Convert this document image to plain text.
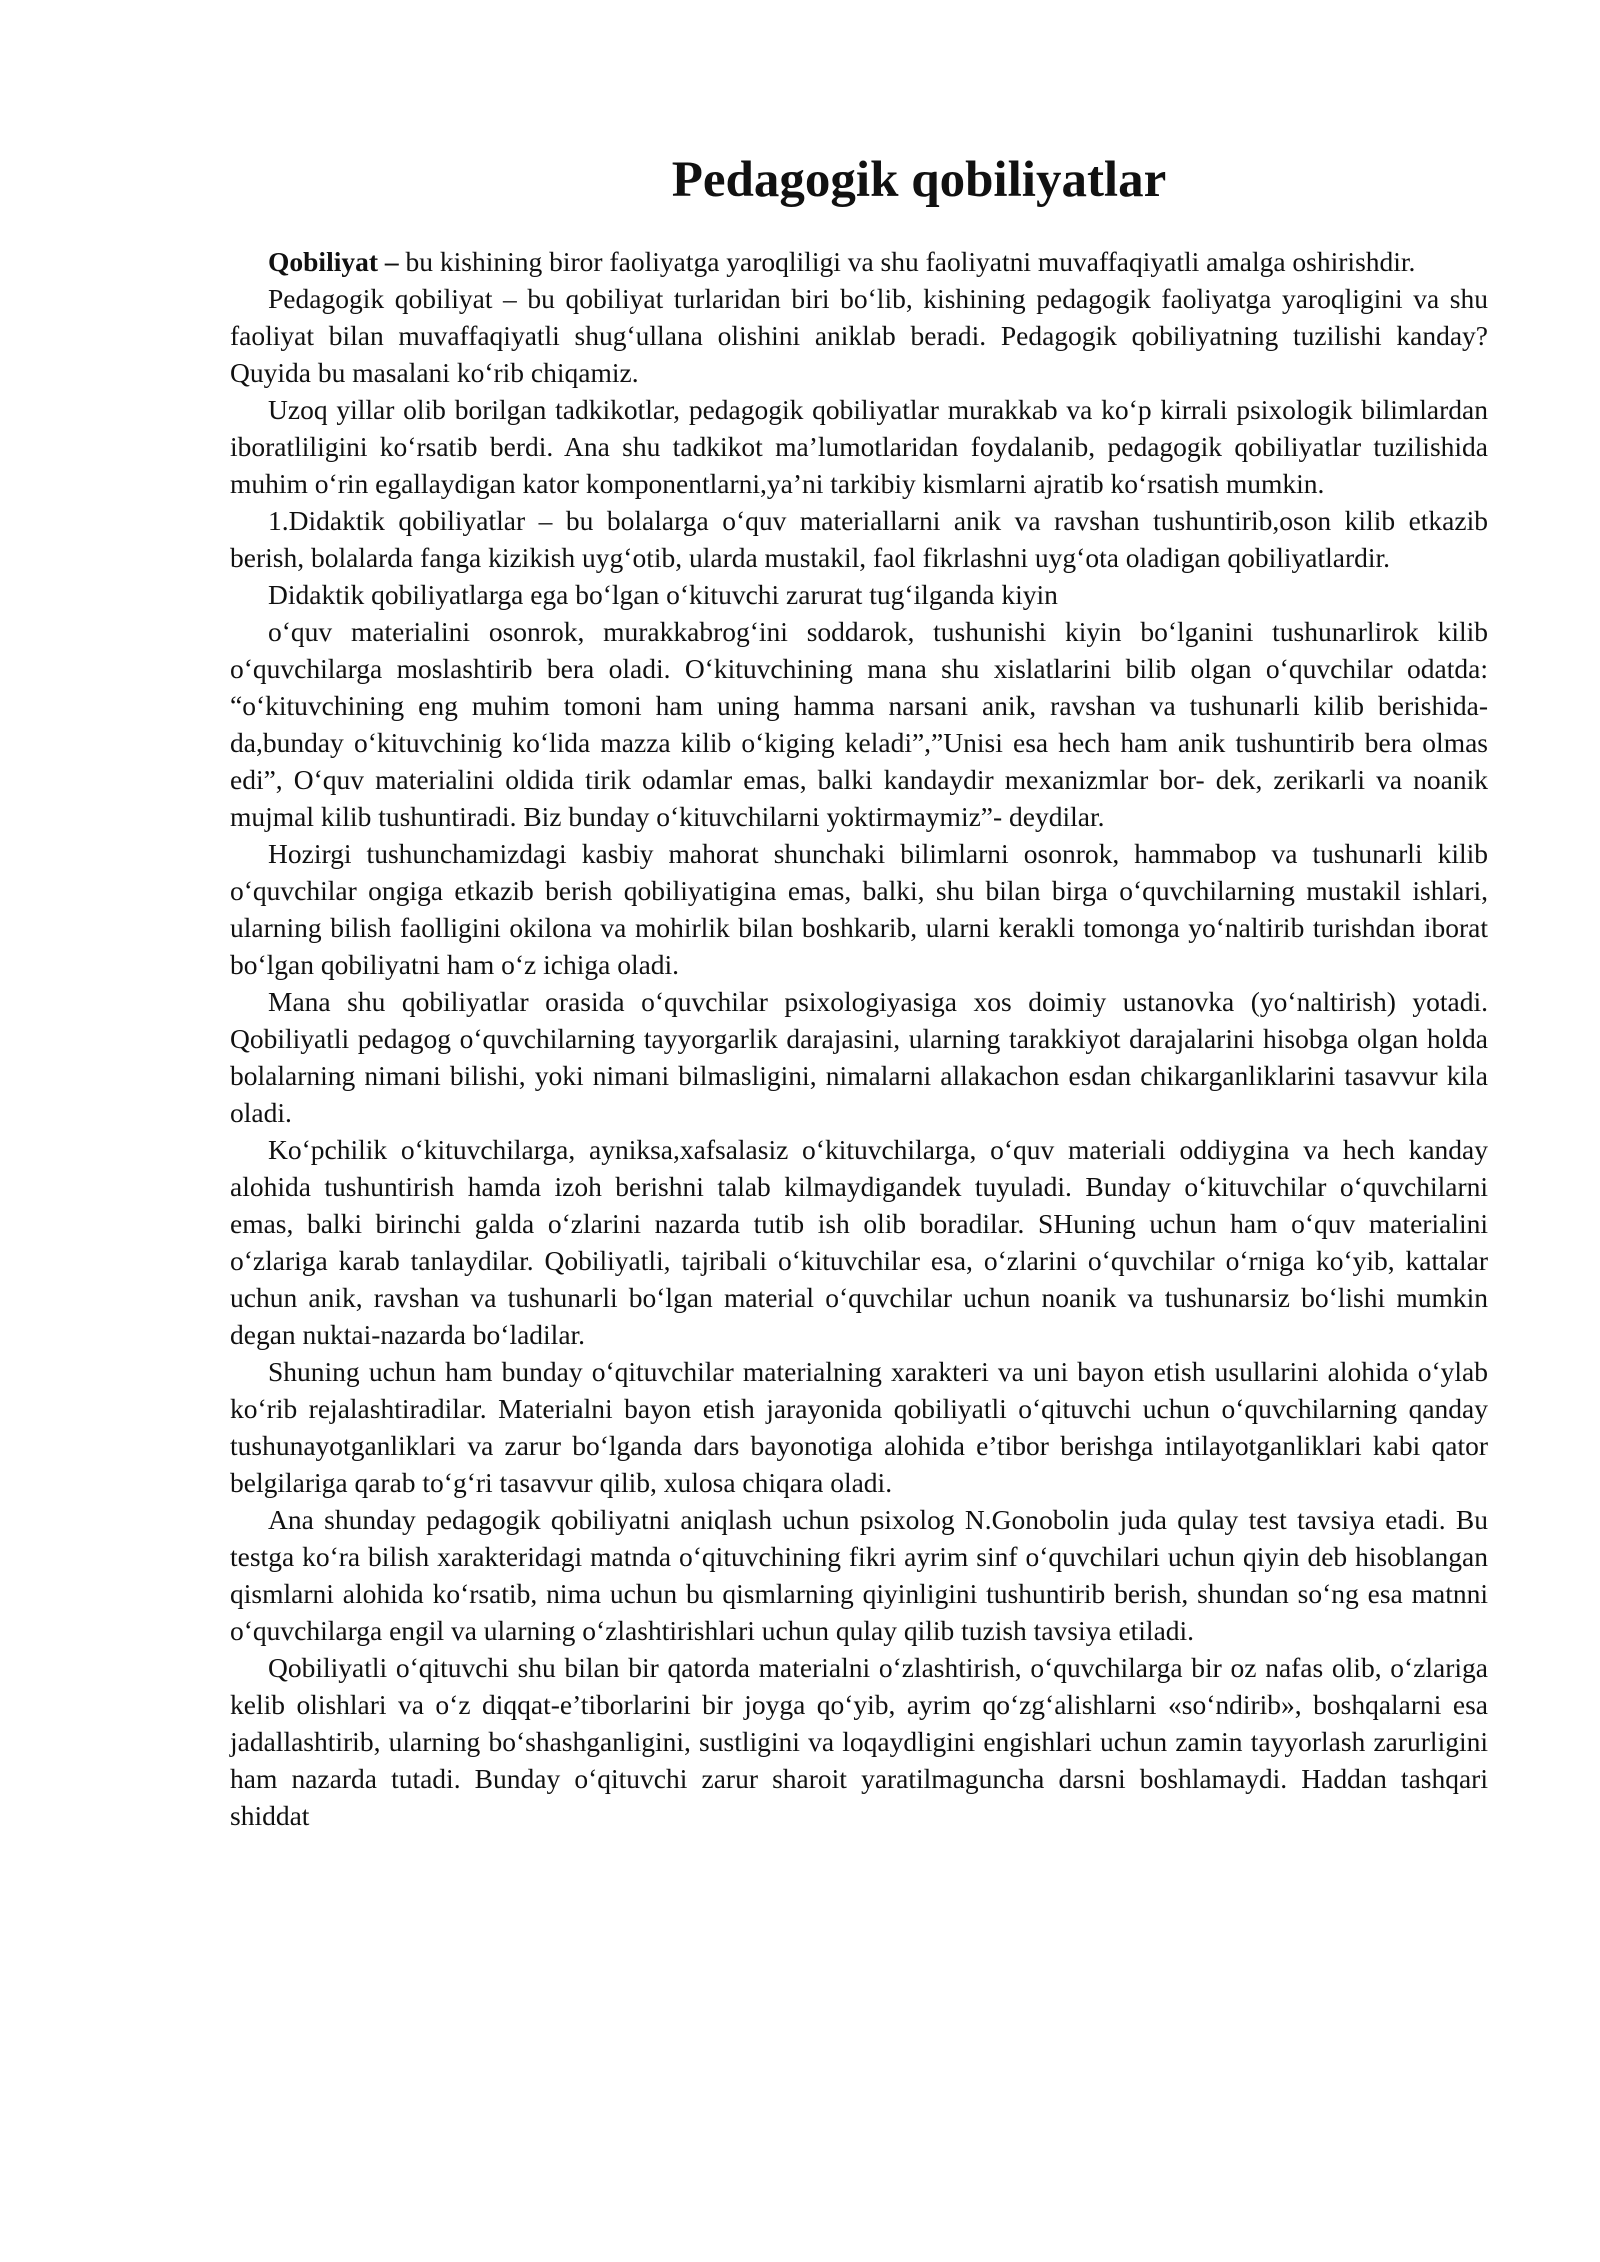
Pedagogik qobiliyatlar

Qobiliyat – bu kishining biror faoliyatga yaroqliligi va shu faoliyatni muvaffaqiyatli amalga oshirishdir.

Pedagogik qobiliyat – bu qobiliyat turlaridan biri bo‘lib, kishining pedagogik faoliyatga yaroqligini va shu faoliyat bilan muvaffaqiyatli shug‘ullana olishini aniklab beradi. Pedagogik qobiliyatning tuzilishi kanday? Quyida bu masalani ko‘rib chiqamiz.

Uzoq yillar olib borilgan tadkikotlar, pedagogik qobiliyatlar murakkab va ko‘p kirrali psixologik bilimlardan iboratliligini ko‘rsatib berdi. Ana shu tadkikot ma’lumotlaridan foydalanib, pedagogik qobiliyatlar tuzilishida muhim o‘rin egallaydigan kator komponentlarni,ya’ni tarkibiy kismlarni ajratib ko‘rsatish mumkin.

1.Didaktik qobiliyatlar – bu bolalarga o‘quv materiallarni anik va ravshan tushuntirib,oson kilib etkazib berish, bolalarda fanga kizikish uyg‘otib, ularda mustakil, faol fikrlashni uyg‘ota oladigan qobiliyatlardir.

Didaktik qobiliyatlarga ega bo‘lgan o‘kituvchi zarurat tug‘ilganda kiyin

o‘quv materialini osonrok, murakkabrog‘ini soddarok, tushunishi kiyin bo‘lganini tushunarlirok kilib o‘quvchilarga moslashtirib bera oladi. O‘kituvchining mana shu xislatlarini bilib olgan o‘quvchilar odatda: “o‘kituvchining eng muhim tomoni ham uning hamma narsani anik, ravshan va tushunarli kilib berishida-da,bunday o‘kituvchinig ko‘lida mazza kilib o‘kiging keladi”,”Unisi esa hech ham anik tushuntirib bera olmas edi”, O‘quv materialini oldida tirik odamlar emas, balki kandaydir mexanizmlar bor- dek, zerikarli va noanik mujmal kilib tushuntiradi. Biz bunday o‘kituvchilarni yoktirmaymiz”- deydilar.

Hozirgi tushunchamizdagi kasbiy mahorat shunchaki bilimlarni osonrok, hammabop va tushunarli kilib o‘quvchilar ongiga etkazib berish qobiliyatigina emas, balki, shu bilan birga o‘quvchilarning mustakil ishlari, ularning bilish faolligini okilona va mohirlik bilan boshkarib, ularni kerakli tomonga yo‘naltirib turishdan iborat bo‘lgan qobiliyatni ham o‘z ichiga oladi.

Mana shu qobiliyatlar orasida o‘quvchilar psixologiyasiga xos doimiy ustanovka (yo‘naltirish) yotadi. Qobiliyatli pedagog o‘quvchilarning tayyorgarlik darajasini, ularning tarakkiyot darajalarini hisobga olgan holda bolalarning nimani bilishi, yoki nimani bilmasligini, nimalarni allakachon esdan chikarganliklarini tasavvur kila oladi.

Ko‘pchilik o‘kituvchilarga, ayniksa,xafsalasiz o‘kituvchilarga, o‘quv materiali oddiygina va hech kanday alohida tushuntirish hamda izoh berishni talab kilmaydigandek tuyuladi. Bunday o‘kituvchilar o‘quvchilarni emas, balki birinchi galda o‘zlarini nazarda tutib ish olib boradilar. SHuning uchun ham o‘quv materialini o‘zlariga karab tanlaydilar. Qobiliyatli, tajribali o‘kituvchilar esa, o‘zlarini o‘quvchilar o‘rniga ko‘yib, kattalar uchun anik, ravshan va tushunarli bo‘lgan material o‘quvchilar uchun noanik va tushunarsiz bo‘lishi mumkin degan nuktai-nazarda bo‘ladilar.

Shuning uchun ham bunday o‘qituvchilar materialning xarakteri va uni bayon etish usullarini alohida o‘ylab ko‘rib rejalashtiradilar. Materialni bayon etish jarayonida qobiliyatli o‘qituvchi uchun o‘quvchilarning qanday tushunayotganliklari va zarur bo‘lganda dars bayonotiga alohida e’tibor berishga intilayotganliklari kabi qator belgilariga qarab to‘g‘ri tasavvur qilib, xulosa chiqara oladi.

Ana shunday pedagogik qobiliyatni aniqlash uchun psixolog N.Gonobolin juda qulay test tavsiya etadi. Bu testga ko‘ra bilish xarakteridagi matnda o‘qituvchining fikri ayrim sinf o‘quvchilari uchun qiyin deb hisoblangan qismlarni alohida ko‘rsatib, nima uchun bu qismlarning qiyinligini tushuntirib berish, shundan so‘ng esa matnni o‘quvchilarga engil va ularning o‘zlashtirishlari uchun qulay qilib tuzish tavsiya etiladi.

Qobiliyatli o‘qituvchi shu bilan bir qatorda materialni o‘zlashtirish, o‘quvchilarga bir oz nafas olib, o‘zlariga kelib olishlari va o‘z diqqat-e’tiborlarini bir joyga qo‘yib, ayrim qo‘zg‘alishlarni «so‘ndirib», boshqalarni esa jadallashtirib, ularning bo‘shashganligini, sustligini va loqaydligini engishlari uchun zamin tayyorlash zarurligini ham nazarda tutadi. Bunday o‘qituvchi zarur sharoit yaratilmaguncha darsni boshlamaydi. Haddan tashqari shiddat
